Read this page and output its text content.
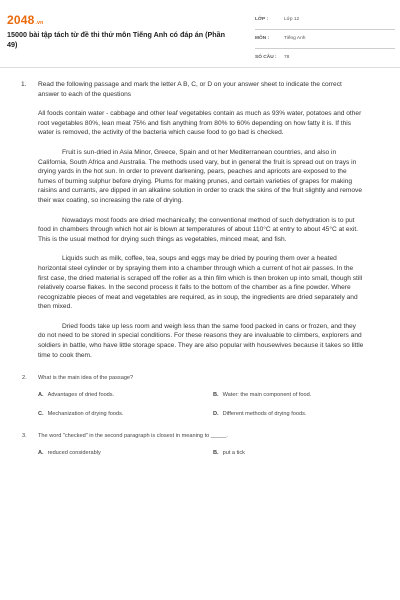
2048.vn
15000 bài tập tách từ đề thi thử môn Tiếng Anh có đáp án (Phần 49)
LỚP :	Lớp 12
MÔN :	Tiếng Anh
SỐ CÂU : 78
1. Read the following passage and mark the letter A B, C, or D on your answer sheet to indicate the correct answer to each of the questions
All foods contain water - cabbage and other leaf vegetables contain as much as 93% water, potatoes and other root vegetables 80%, lean meat 75% and fish anything from 80% to 60% depending on how fatty it is. If this water is removed, the activity of the bacteria which cause food to go bad is checked.
Fruit is sun-dried in Asia Minor, Greece, Spain and ot her Mediterranean countries, and also in California, South Africa and Australia. The methods used vary, but in general the fruit is spread out on trays in drying yards in the hot sun. In order to prevent darkening, pears, peaches and apricots are exposed to the fumes of burning sulphur before drying. Plums for making prunes, and certain varieties of grapes for making raisins and currants, are dipped in an alkaline solution in order to crack the skins of the fruit slightly and remove their wax coating, so increasing the rate of drying.
Nowadays most foods are dried mechanically; the conventional method of such dehydration is to put food in chambers through which hot air is blown at temperatures of about 110°C at entry to about 45°C at exit. This is the usual method for drying such things as vegetables, minced meat, and fish.
Liquids such as milk, coffee, tea, soups and eggs may be dried by pouring them over a heated horizontal steel cylinder or by spraying them into a chamber through which a current of hot air passes. In the first case, the dried material is scraped off the roller as a thin film which is then broken up into small, though still relatively coarse flakes. In the second process it falls to the bottom of the chamber as a fine powder. Where recognizable pieces of meat and vegetables are required, as in soup, the ingredients are dried separately and then mixed.
Dried foods take up less room and weigh less than the same food packed in cans or frozen, and they do not need to be stored in special conditions. For these reasons they are invaluable to climbers, explorers and soldiers in battle, who have little storage space. They are also popular with housewives because it takes so little time to cook them.
2. What is the main idea of the passage?
A. Advantages of dried foods.	B. Water: the main component of food.
C. Mechanization of drying foods.	D. Different methods of drying foods.
3. The word "checked" in the second paragraph is closest in meaning to _____.
A. reduced considerably	B. put a tick
